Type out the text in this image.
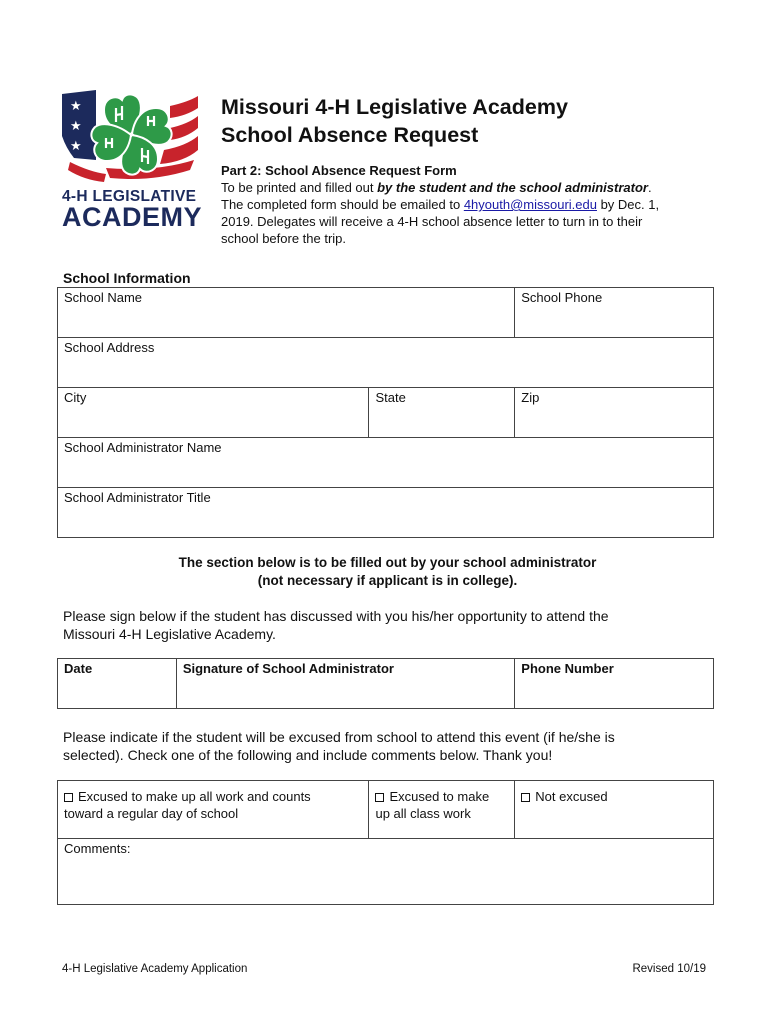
★
★
★
4-H LEGISLATIVE
ACADEMY
Missouri 4-H Legislative Academy
School Absence Request
Part 2: School Absence Request Form
To be printed and filled out by the student and the school administrator.
The completed form should be emailed to 4hyouth@missouri.edu by Dec. 1,
2019. Delegates will receive a 4-H school absence letter to turn in to their
school before the trip.
School Information
School Name		School Phone
School Address		
City	State	Zip
School Administrator Name		
School Administrator Title		
The section below is to be filled out by your school administrator
(not necessary if applicant is in college).
Please sign below if the student has discussed with you his/her opportunity to attend the
Missouri 4-H Legislative Academy.
Date	Signature of School Administrator	Phone Number
Please indicate if the student will be excused from school to attend this event (if he/she is
selected). Check one of the following and include comments below. Thank you!
Excused to make up all work and counts
toward a regular day of school

Excused to make
up all class work

Not excused

Comments:
4-H Legislative Academy Application	Revised 10/19
